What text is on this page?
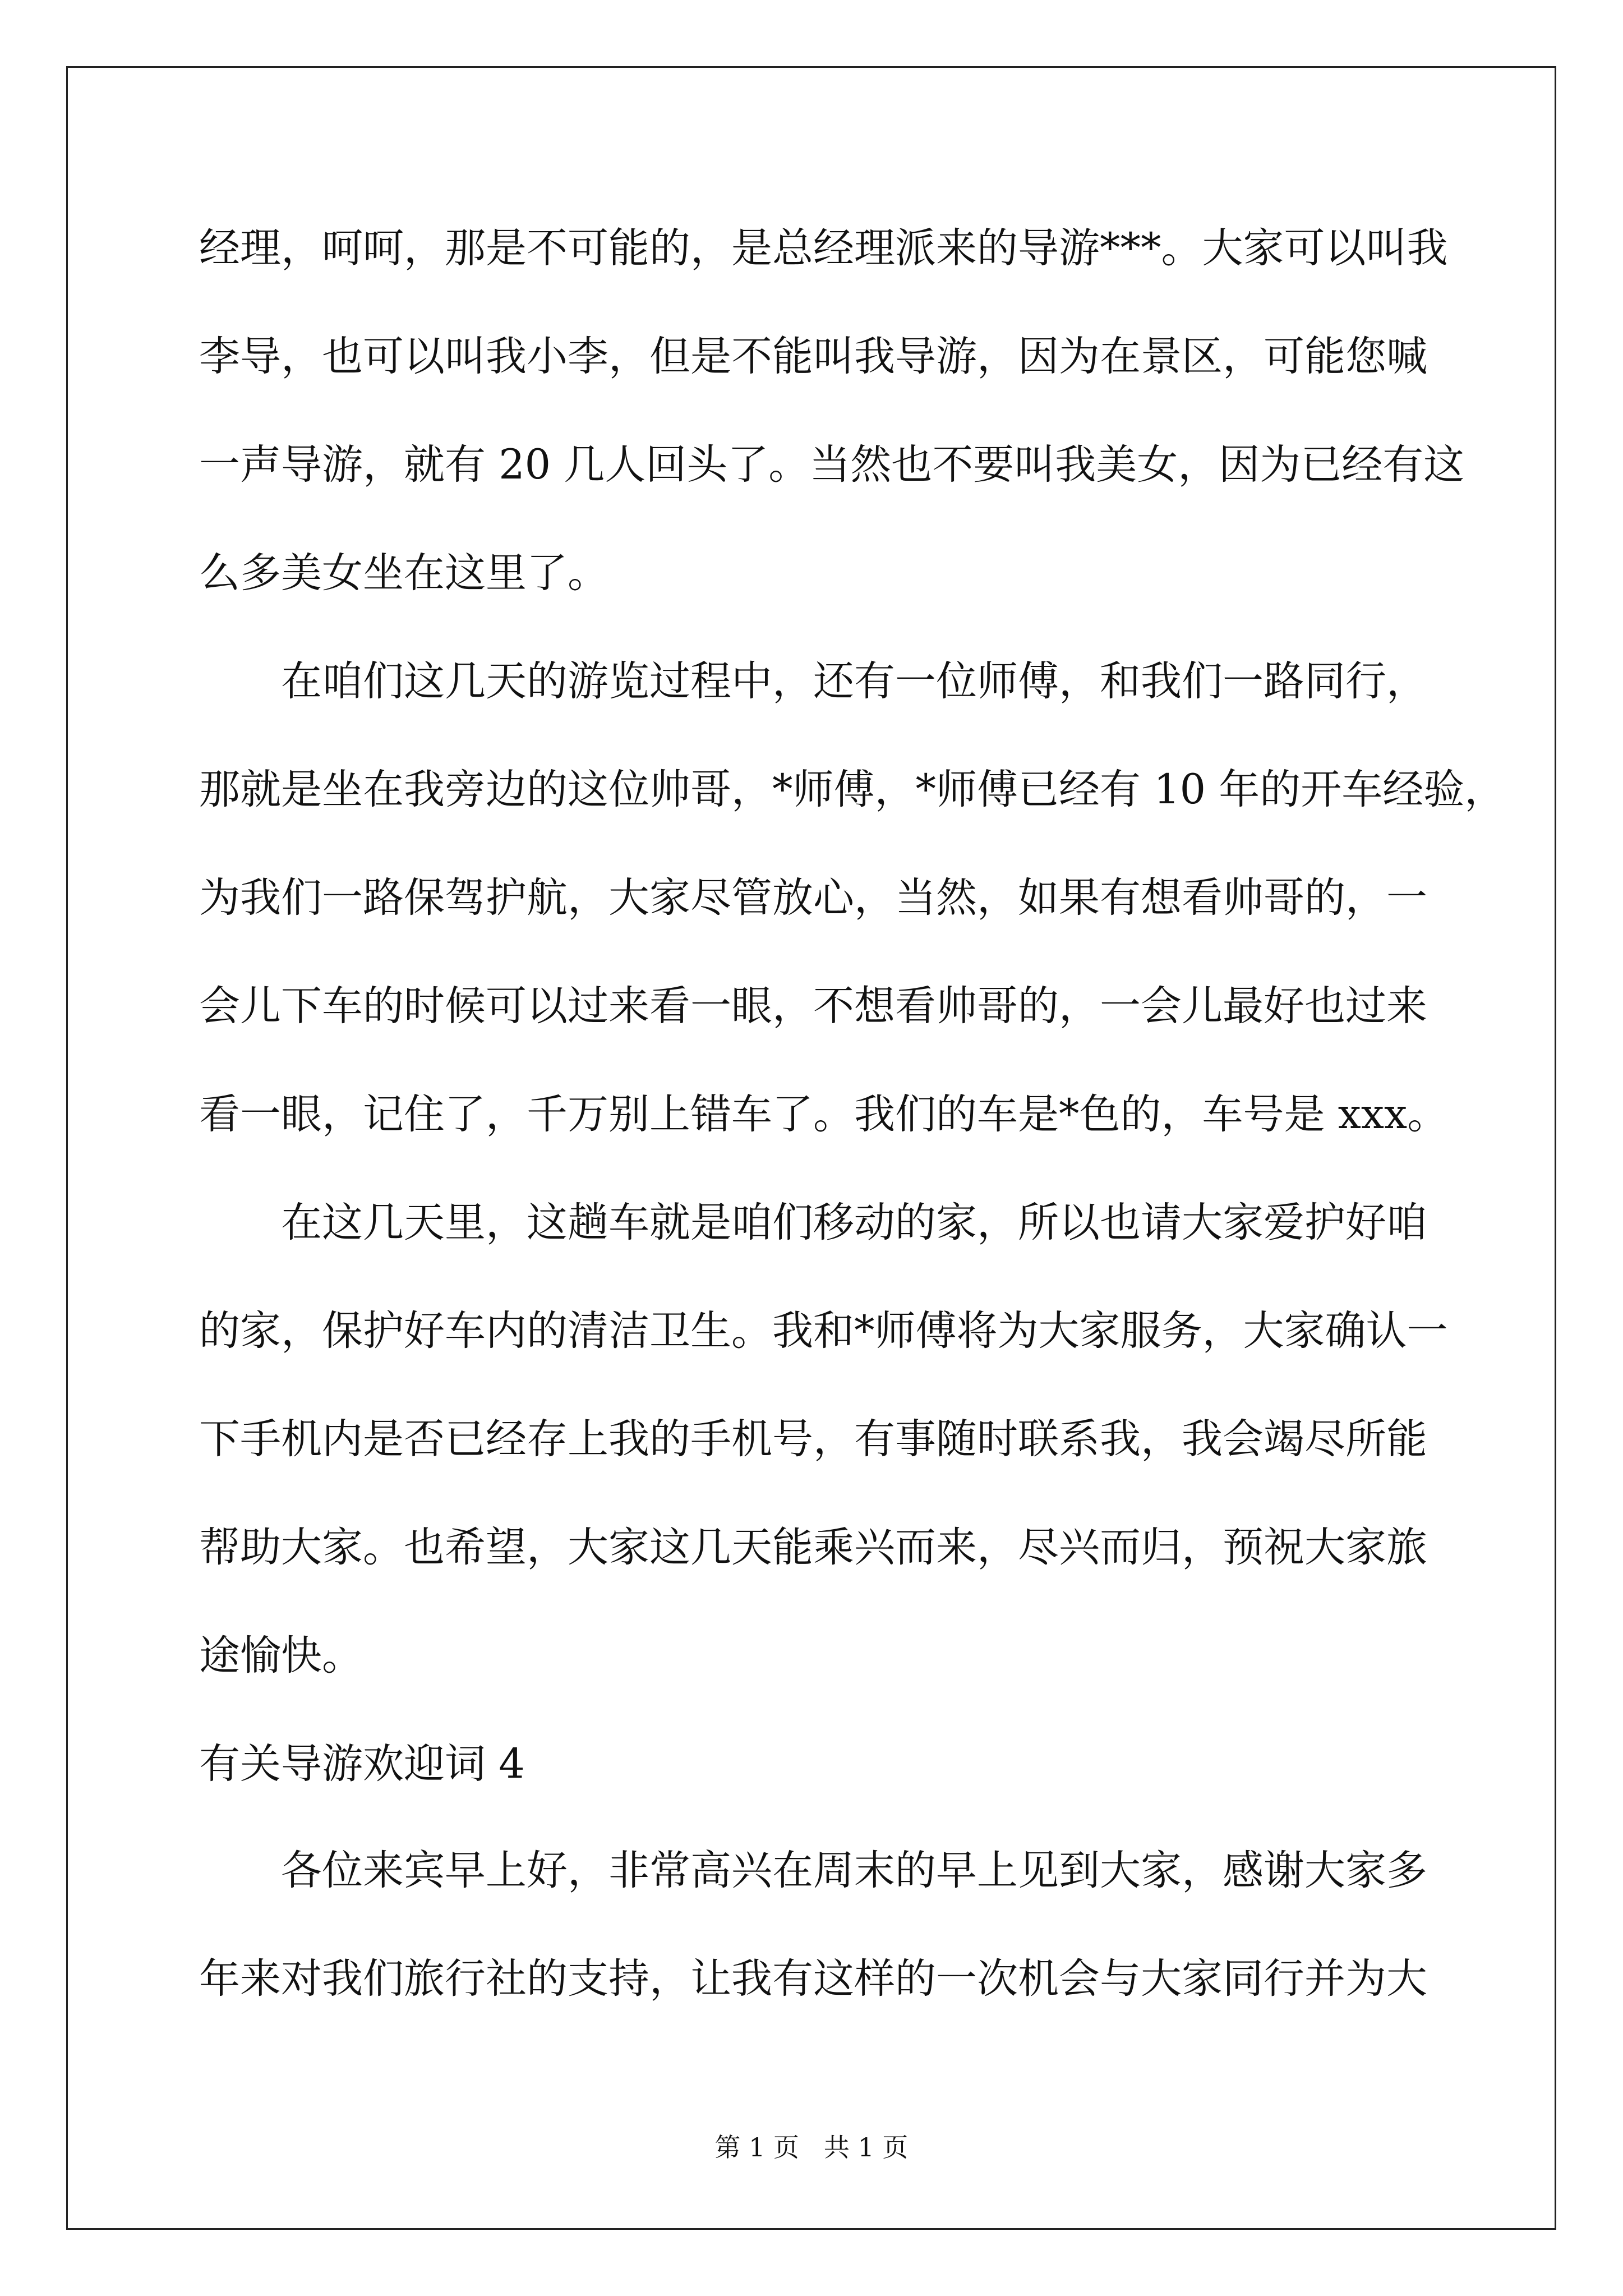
经理，呵呵，那是不可能的，是总经理派来的导游***。大家可以叫我
李导，也可以叫我小李，但是不能叫我导游，因为在景区，可能您喊
一声导游，就有 20 几人回头了。当然也不要叫我美女，因为已经有这
么多美女坐在这里了。
在咱们这几天的游览过程中，还有一位师傅，和我们一路同行，
那就是坐在我旁边的这位帅哥，*师傅，*师傅已经有 10 年的开车经验，
为我们一路保驾护航，大家尽管放心，当然，如果有想看帅哥的，一
会儿下车的时候可以过来看一眼，不想看帅哥的，一会儿最好也过来
看一眼，记住了，千万别上错车了。我们的车是*色的，车号是 xxx。
在这几天里，这趟车就是咱们移动的家，所以也请大家爱护好咱
的家，保护好车内的清洁卫生。我和*师傅将为大家服务，大家确认一
下手机内是否已经存上我的手机号，有事随时联系我，我会竭尽所能
帮助大家。也希望，大家这几天能乘兴而来，尽兴而归，预祝大家旅
途愉快。
有关导游欢迎词 4
各位来宾早上好，非常高兴在周末的早上见到大家，感谢大家多
年来对我们旅行社的支持，让我有这样的一次机会与大家同行并为大
第 1 页   共 1 页
